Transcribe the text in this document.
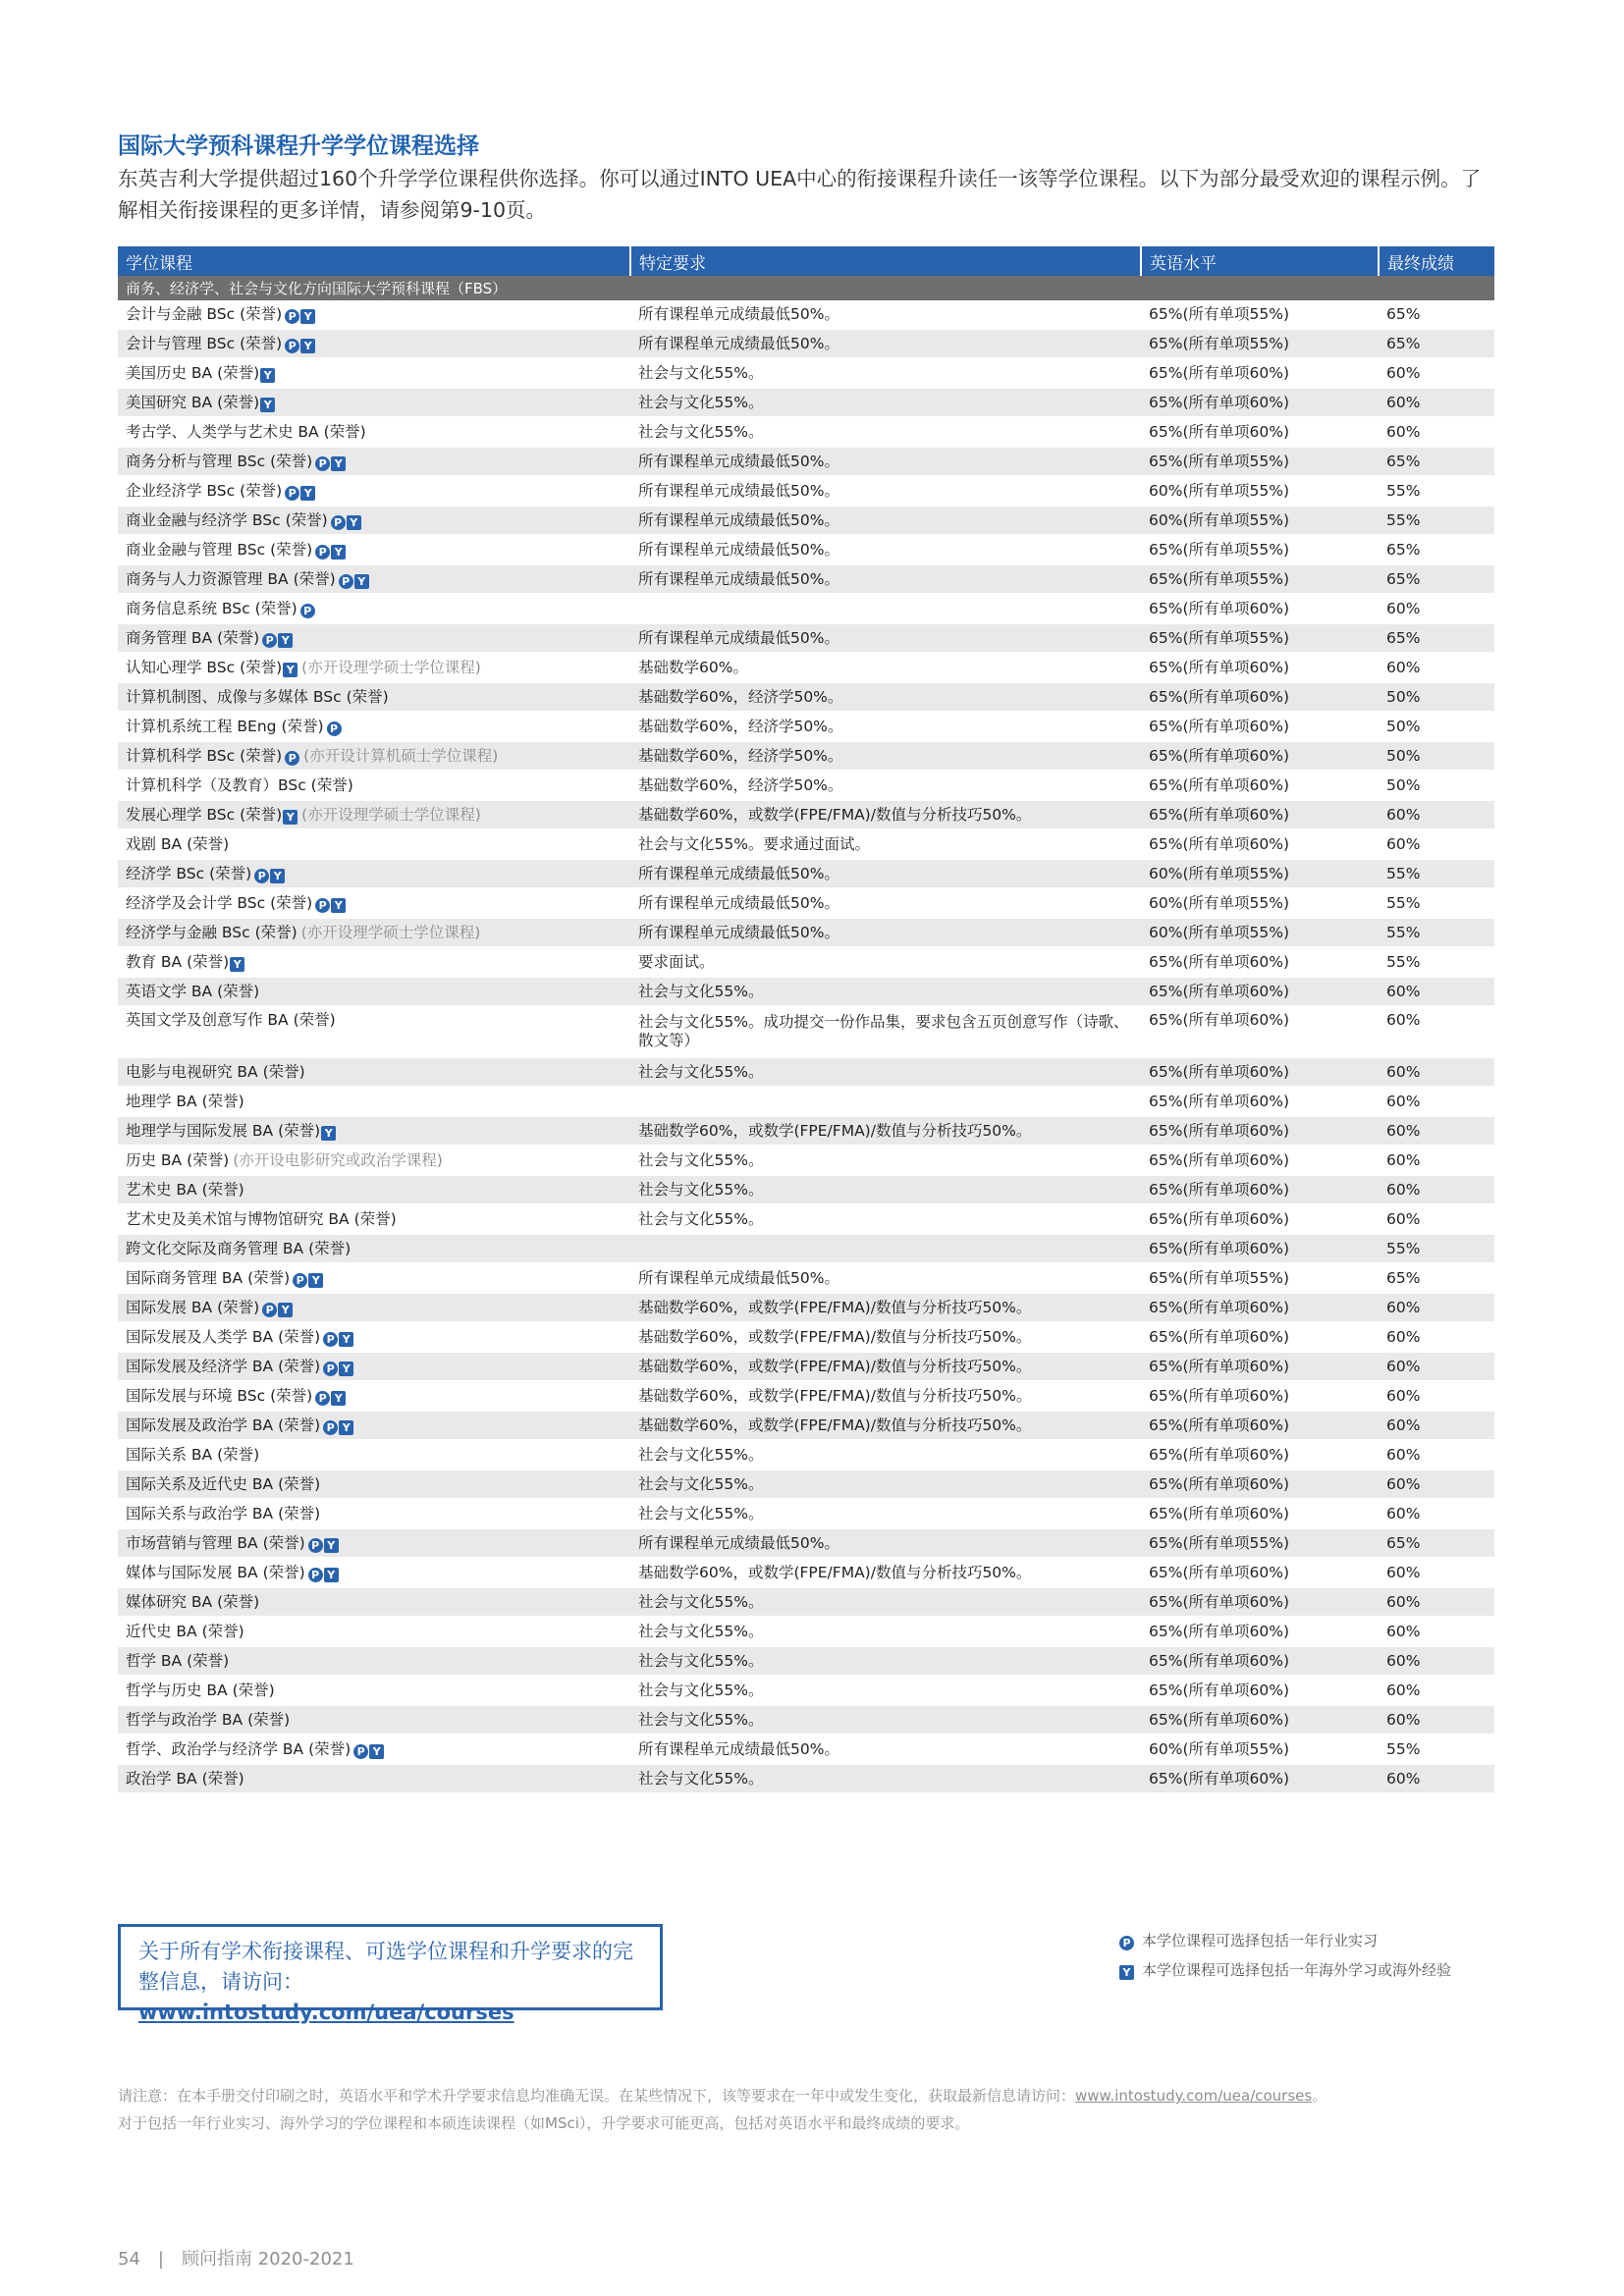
国际大学预科课程升学学位课程选择
东英吉利大学提供超过160个升学学位课程供你选择。你可以通过INTO UEA中心的衔接课程升读任一该等学位课程。以下为部分最受欢迎的课程示例。了解相关衔接课程的更多详情，请参阅第9-10页。
学位课程	特定要求	英语水平	最终成绩
商务、经济学、社会与文化方向国际大学预科课程（FBS）			
会计与金融 BSc (荣誉) P Y	所有课程单元成绩最低50%。	65%(所有单项55%)	65%
会计与管理 BSc (荣誉) P Y	所有课程单元成绩最低50%。	65%(所有单项55%)	65%
美国历史 BA (荣誉) Y	社会与文化55%。	65%(所有单项60%)	60%
美国研究 BA (荣誉) Y	社会与文化55%。	65%(所有单项60%)	60%
考古学、人类学与艺术史 BA (荣誉)	社会与文化55%。	65%(所有单项60%)	60%
商务分析与管理 BSc (荣誉) P Y	所有课程单元成绩最低50%。	65%(所有单项55%)	65%
企业经济学 BSc (荣誉) P Y	所有课程单元成绩最低50%。	60%(所有单项55%)	55%
商业金融与经济学 BSc (荣誉) P Y	所有课程单元成绩最低50%。	60%(所有单项55%)	55%
商业金融与管理 BSc (荣誉) P Y	所有课程单元成绩最低50%。	65%(所有单项55%)	65%
商务与人力资源管理 BA (荣誉) P Y	所有课程单元成绩最低50%。	65%(所有单项55%)	65%
商务信息系统 BSc (荣誉) P		65%(所有单项60%)	60%
商务管理 BA (荣誉) P Y	所有课程单元成绩最低50%。	65%(所有单项55%)	65%
认知心理学 BSc (荣誉) Y (亦开设理学硕士学位课程)	基础数学60%。	65%(所有单项60%)	60%
计算机制图、成像与多媒体 BSc (荣誉)	基础数学60%，经济学50%。	65%(所有单项60%)	50%
计算机系统工程 BEng (荣誉) P	基础数学60%，经济学50%。	65%(所有单项60%)	50%
计算机科学 BSc (荣誉) P (亦开设计算机硕士学位课程)	基础数学60%，经济学50%。	65%(所有单项60%)	50%
计算机科学（及教育）BSc (荣誉)	基础数学60%，经济学50%。	65%(所有单项60%)	50%
发展心理学 BSc (荣誉) Y (亦开设理学硕士学位课程)	基础数学60%，或数学(FPE/FMA)/数值与分析技巧50%。	65%(所有单项60%)	60%
戏剧 BA (荣誉)	社会与文化55%。要求通过面试。	65%(所有单项60%)	60%
经济学 BSc (荣誉) P Y	所有课程单元成绩最低50%。	60%(所有单项55%)	55%
经济学及会计学 BSc (荣誉) P Y	所有课程单元成绩最低50%。	60%(所有单项55%)	55%
经济学与金融 BSc (荣誉) (亦开设理学硕士学位课程)	所有课程单元成绩最低50%。	60%(所有单项55%)	55%
教育 BA (荣誉) Y	要求面试。	65%(所有单项60%)	55%
英语文学 BA (荣誉)	社会与文化55%。	65%(所有单项60%)	60%
英国文学及创意写作 BA (荣誉)	社会与文化55%。成功提交一份作品集，要求包含五页创意写作（诗歌、散文等）	65%(所有单项60%)	60%
电影与电视研究 BA (荣誉)	社会与文化55%。	65%(所有单项60%)	60%
地理学 BA (荣誉)		65%(所有单项60%)	60%
地理学与国际发展 BA (荣誉) Y	基础数学60%，或数学(FPE/FMA)/数值与分析技巧50%。	65%(所有单项60%)	60%
历史 BA (荣誉) (亦开设电影研究或政治学课程)	社会与文化55%。	65%(所有单项60%)	60%
艺术史 BA (荣誉)	社会与文化55%。	65%(所有单项60%)	60%
艺术史及美术馆与博物馆研究 BA (荣誉)	社会与文化55%。	65%(所有单项60%)	60%
跨文化交际及商务管理 BA (荣誉)		65%(所有单项60%)	55%
国际商务管理 BA (荣誉) P Y	所有课程单元成绩最低50%。	65%(所有单项55%)	65%
国际发展 BA (荣誉) P Y	基础数学60%，或数学(FPE/FMA)/数值与分析技巧50%。	65%(所有单项60%)	60%
国际发展及人类学 BA (荣誉) P Y	基础数学60%，或数学(FPE/FMA)/数值与分析技巧50%。	65%(所有单项60%)	60%
国际发展及经济学 BA (荣誉) P Y	基础数学60%，或数学(FPE/FMA)/数值与分析技巧50%。	65%(所有单项60%)	60%
国际发展与环境 BSc (荣誉) P Y	基础数学60%，或数学(FPE/FMA)/数值与分析技巧50%。	65%(所有单项60%)	60%
国际发展及政治学 BA (荣誉) P Y	基础数学60%，或数学(FPE/FMA)/数值与分析技巧50%。	65%(所有单项60%)	60%
国际关系 BA (荣誉)	社会与文化55%。	65%(所有单项60%)	60%
国际关系及近代史 BA (荣誉)	社会与文化55%。	65%(所有单项60%)	60%
国际关系与政治学 BA (荣誉)	社会与文化55%。	65%(所有单项60%)	60%
市场营销与管理 BA (荣誉) P Y	所有课程单元成绩最低50%。	65%(所有单项55%)	65%
媒体与国际发展 BA (荣誉) P Y	基础数学60%，或数学(FPE/FMA)/数值与分析技巧50%。	65%(所有单项60%)	60%
媒体研究 BA (荣誉)	社会与文化55%。	65%(所有单项60%)	60%
近代史 BA (荣誉)	社会与文化55%。	65%(所有单项60%)	60%
哲学 BA (荣誉)	社会与文化55%。	65%(所有单项60%)	60%
哲学与历史 BA (荣誉)	社会与文化55%。	65%(所有单项60%)	60%
哲学与政治学 BA (荣誉)	社会与文化55%。	65%(所有单项60%)	60%
哲学、政治学与经济学 BA (荣誉) P Y	所有课程单元成绩最低50%。	60%(所有单项55%)	55%
政治学 BA (荣誉)	社会与文化55%。	65%(所有单项60%)	60%
关于所有学术衔接课程、可选学位课程和升学要求的完整信息，请访问：www.intostudy.com/uea/courses
P 本学位课程可选择包括一年行业实习
Y 本学位课程可选择包括一年海外学习或海外经验
请注意：在本手册交付印刷之时，英语水平和学术升学要求信息均准确无误。在某些情况下，该等要求在一年中或发生变化，获取最新信息请访问：www.intostudy.com/uea/courses。
对于包括一年行业实习、海外学习的学位课程和本硕连读课程（如MSci），升学要求可能更高，包括对英语水平和最终成绩的要求。
54 | 顾问指南 2020-2021
